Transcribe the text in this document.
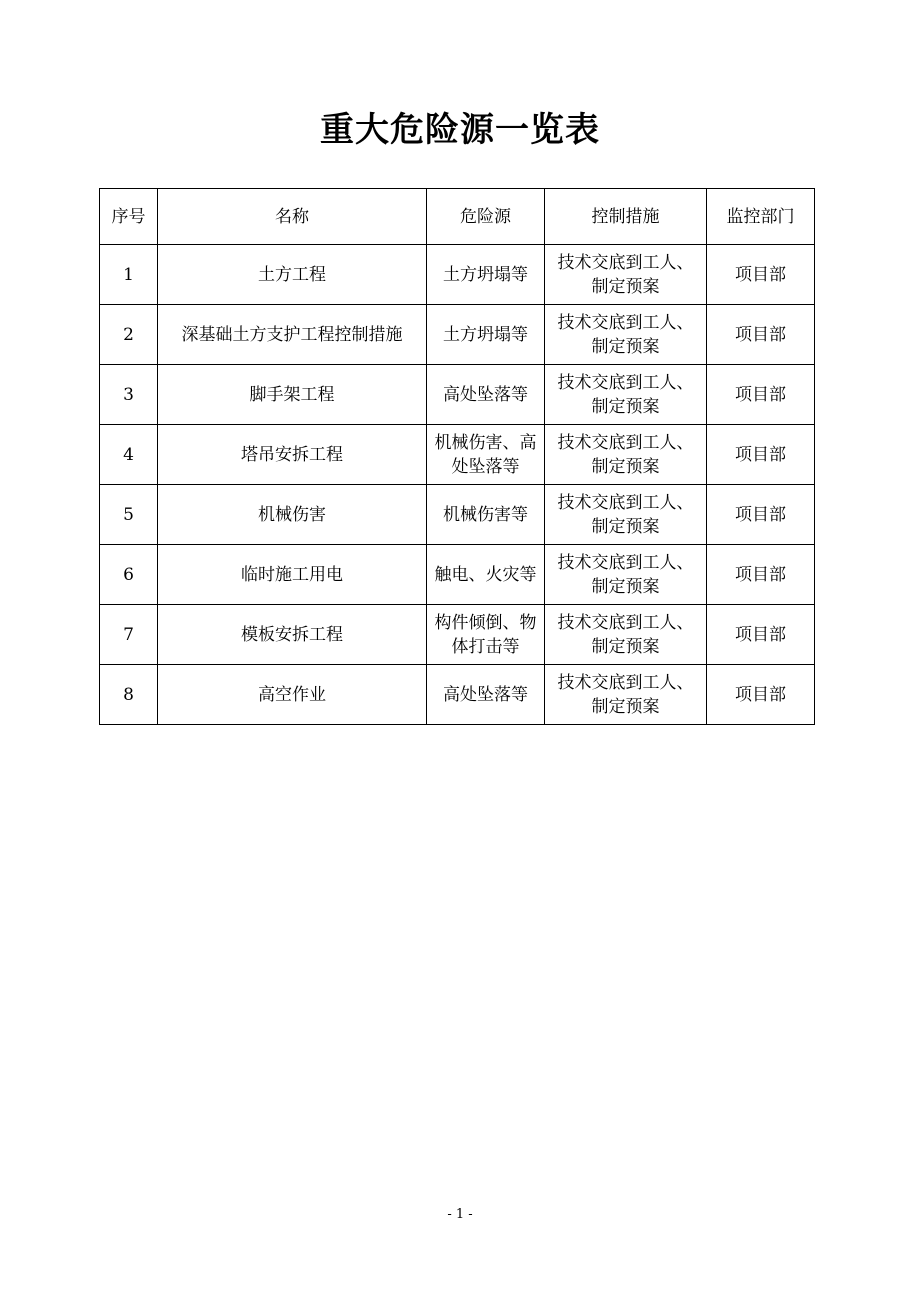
重大危险源一览表
序号	名称	危险源	控制措施	监控部门
1	土方工程	土方坍塌等	技术交底到工人、制定预案	项目部
2	深基础土方支护工程控制措施	土方坍塌等	技术交底到工人、制定预案	项目部
3	脚手架工程	高处坠落等	技术交底到工人、制定预案	项目部
4	塔吊安拆工程	机械伤害、高处坠落等	技术交底到工人、制定预案	项目部
5	机械伤害	机械伤害等	技术交底到工人、制定预案	项目部
6	临时施工用电	触电、火灾等	技术交底到工人、制定预案	项目部
7	模板安拆工程	构件倾倒、物体打击等	技术交底到工人、制定预案	项目部
8	高空作业	高处坠落等	技术交底到工人、制定预案	项目部
- 1 -
